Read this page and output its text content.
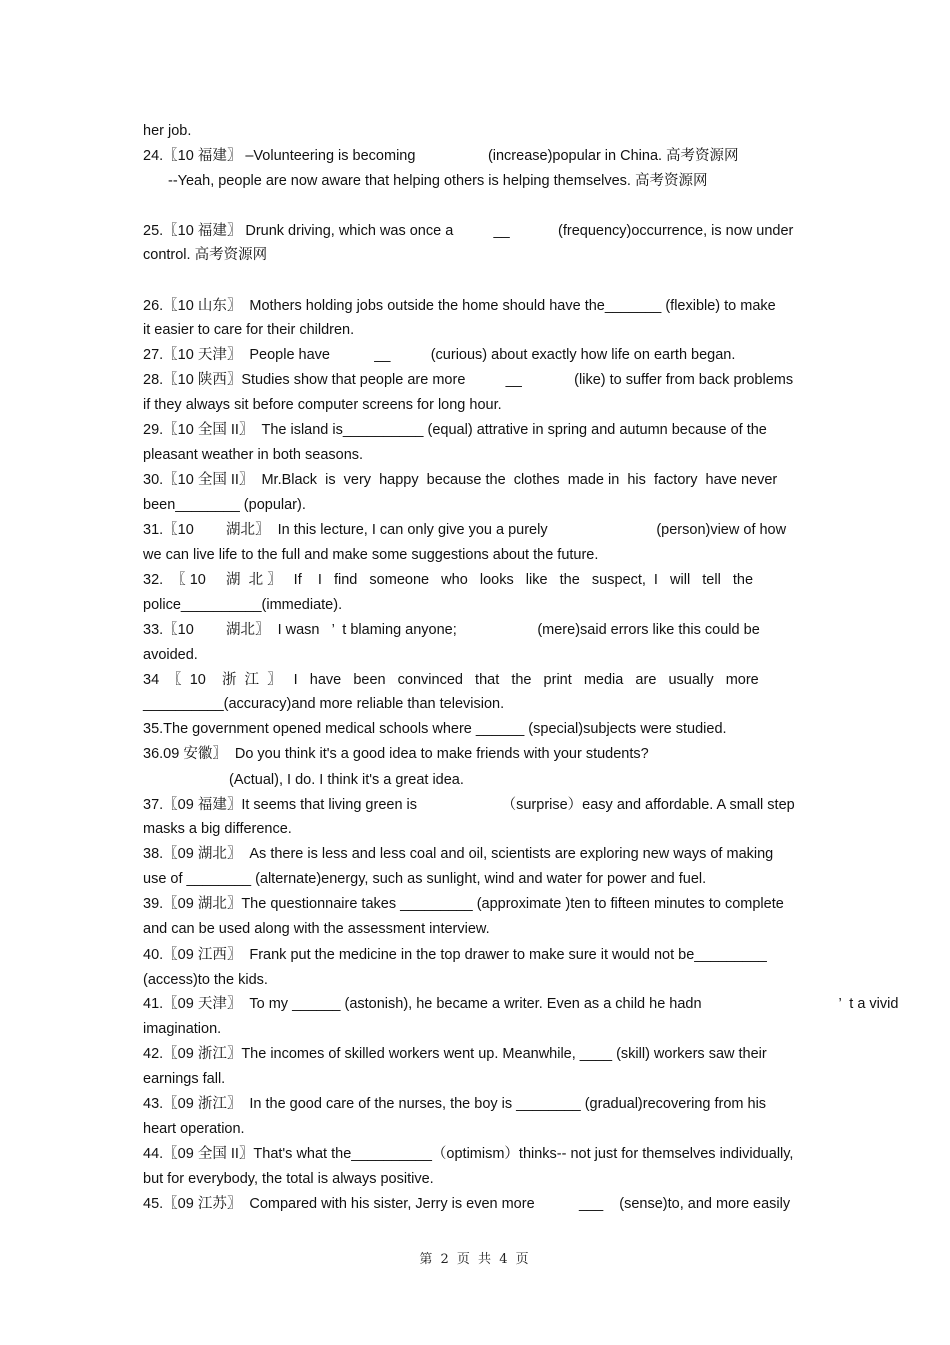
her job.
24.〖10 福建〗 –Volunteering is becoming                  (increase)popular in China. 高考资源网
--Yeah, people are now aware that helping others is helping themselves. 高考资源网
25.〖10 福建〗 Drunk driving, which was once a          __            (frequency)occurrence, is now under
control. 高考资源网
26.〖10 山东〗  Mothers holding jobs outside the home should have the_______ (flexible) to make
it easier to care for their children.
27.〖10 天津〗  People have           __          (curious) about exactly how life on earth began.
28.〖10 陕西〗Studies show that people are more          __             (like) to suffer from back problems
if they always sit before computer screens for long hour.
29.〖10 全国 II〗  The island is__________ (equal) attrative in spring and autumn because of the
pleasant weather in both seasons.
30.〖10 全国 II〗  Mr.Black  is  very  happy  because the  clothes  made in  his  factory  have never
been________ (popular).
31.〖10        湖北〗  In this lecture, I can only give you a purely                           (person)view of how
we can live life to the full and make some suggestions about the future.
32.  〖 10     湖  北 〗   If    I   find   someone   who   looks   like   the   suspect,  I   will   tell   the
police__________(immediate).
33.〖10        湖北〗  I wasn   ’  t blaming anyone;                    (mere)said errors like this could be
avoided.
34  〖  10    浙  江  〗   I   have   been   convinced   that   the   print   media   are   usually   more
__________(accuracy)and more reliable than television.
35.The government opened medical schools where ______ (special)subjects were studied.
36.09 安徽〗  Do you think it's a good idea to make friends with your students?
(Actual), I do. I think it's a great idea.
37.〖09 福建〗It seems that living green is                     （surprise）easy and affordable. A small step
masks a big difference.
38.〖09 湖北〗  As there is less and less coal and oil, scientists are exploring new ways of making
use of ________ (alternate)energy, such as sunlight, wind and water for power and fuel.
39.〖09 湖北〗The questionnaire takes _________ (approximate )ten to fifteen minutes to complete
and can be used along with the assessment interview.
40.〖09 江西〗  Frank put the medicine in the top drawer to make sure it would not be_________
(access)to the kids.
41.〖09 天津〗  To my ______ (astonish), he became a writer. Even as a child he hadn                                  ’  t a vivid
imagination.
42.〖09 浙江〗The incomes of skilled workers went up. Meanwhile, ____ (skill) workers saw their
earnings fall.
43.〖09 浙江〗  In the good care of the nurses, the boy is ________ (gradual)recovering from his
heart operation.
44.〖09 全国 II〗That's what the__________（optimism）thinks-- not just for themselves individually,
but for everybody, the total is always positive.
45.〖09 江苏〗  Compared with his sister, Jerry is even more           ___    (sense)to, and more easily
第 2 页 共 4 页
